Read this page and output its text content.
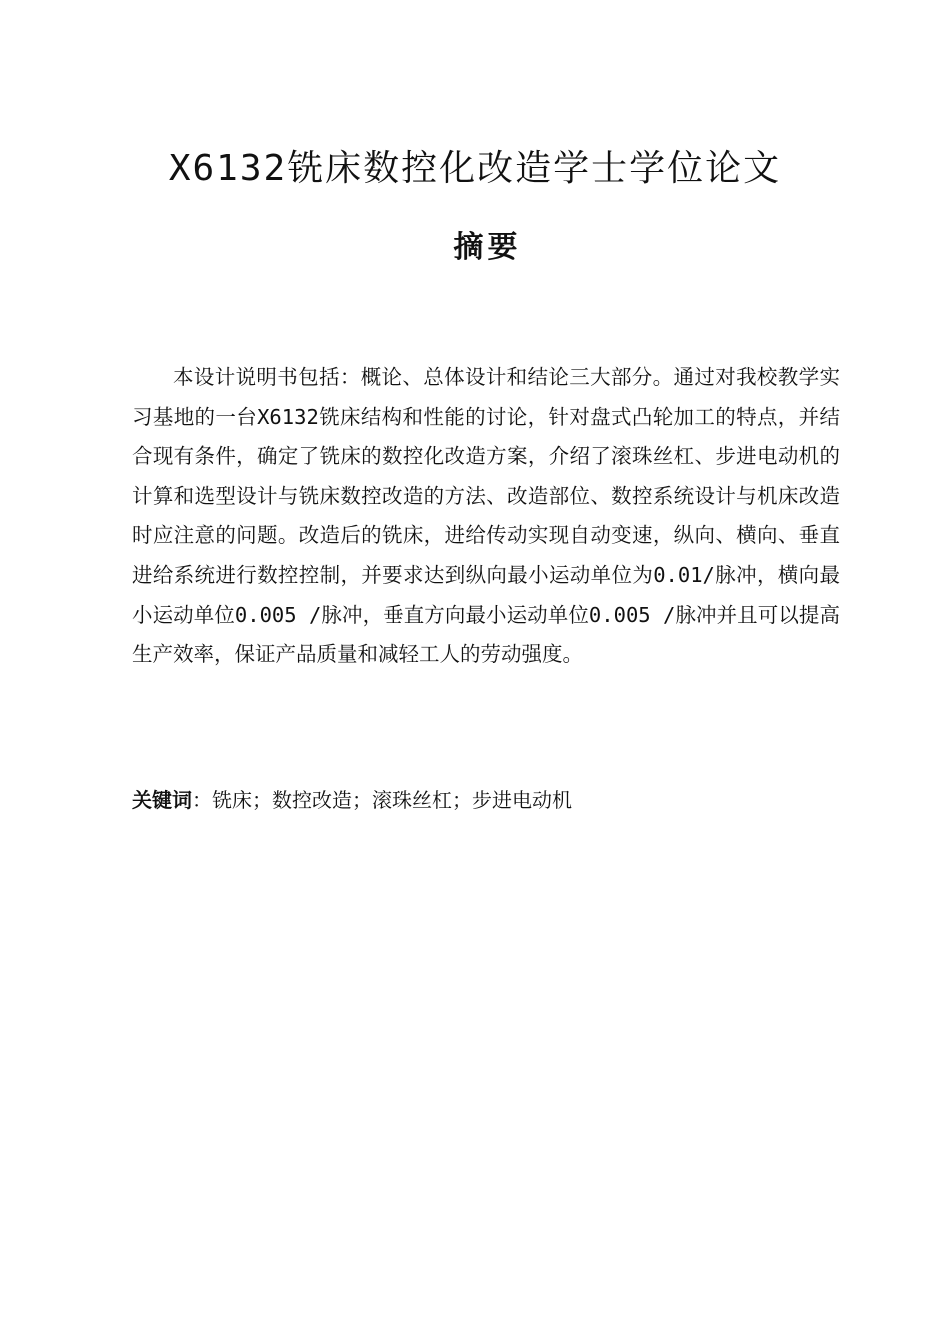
X6132铣床数控化改造学士学位论文
摘要

本设计说明书包括：概论、总体设计和结论三大部分。通过对我校教学实习基地的一台X6132铣床结构和性能的讨论，针对盘式凸轮加工的特点，并结合现有条件，确定了铣床的数控化改造方案，介绍了滚珠丝杠、步进电动机的计算和选型设计与铣床数控改造的方法、改造部位、数控系统设计与机床改造时应注意的问题。改造后的铣床，进给传动实现自动变速，纵向、横向、垂直进给系统进行数控控制，并要求达到纵向最小运动单位为0.01/脉冲，横向最小运动单位0.005 /脉冲，垂直方向最小运动单位0.005 /脉冲并且可以提高生产效率，保证产品质量和减轻工人的劳动强度。

关键词：铣床；数控改造；滚珠丝杠；步进电动机
